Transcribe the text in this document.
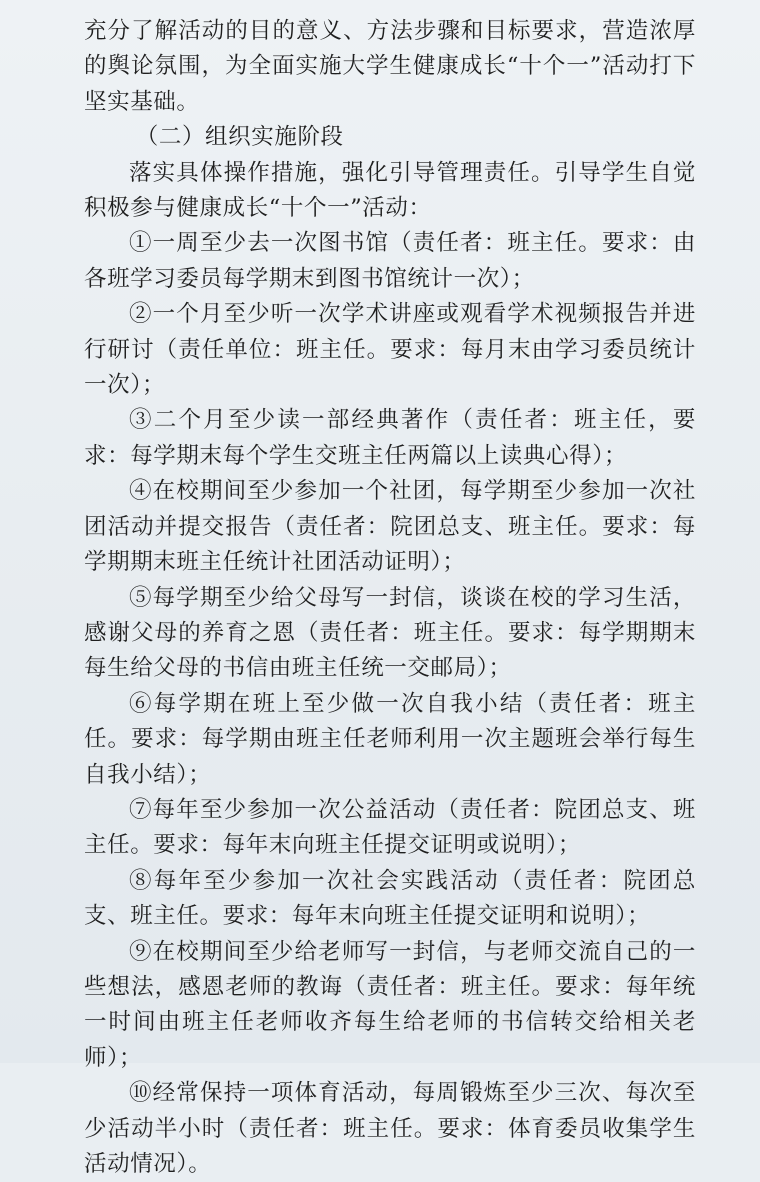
充分了解活动的目的意义、方法步骤和目标要求，营造浓厚的舆论氛围，为全面实施大学生健康成长“十个一”活动打下坚实基础。

（二）组织实施阶段

落实具体操作措施，强化引导管理责任。引导学生自觉积极参与健康成长“十个一”活动：

①一周至少去一次图书馆（责任者：班主任。要求：由各班学习委员每学期末到图书馆统计一次）；

②一个月至少听一次学术讲座或观看学术视频报告并进行研讨（责任单位：班主任。要求：每月末由学习委员统计一次）；

③二个月至少读一部经典著作（责任者：班主任，要求：每学期末每个学生交班主任两篇以上读典心得）；

④在校期间至少参加一个社团，每学期至少参加一次社团活动并提交报告（责任者：院团总支、班主任。要求：每学期期末班主任统计社团活动证明）；

⑤每学期至少给父母写一封信，谈谈在校的学习生活，感谢父母的养育之恩（责任者：班主任。要求：每学期期末每生给父母的书信由班主任统一交邮局）；

⑥每学期在班上至少做一次自我小结（责任者：班主任。要求：每学期由班主任老师利用一次主题班会举行每生自我小结）；

⑦每年至少参加一次公益活动（责任者：院团总支、班主任。要求：每年末向班主任提交证明或说明）；

⑧每年至少参加一次社会实践活动（责任者：院团总支、班主任。要求：每年末向班主任提交证明和说明）；

⑨在校期间至少给老师写一封信，与老师交流自己的一些想法，感恩老师的教诲（责任者：班主任。要求：每年统一时间由班主任老师收齐每生给老师的书信转交给相关老师）；

⑩经常保持一项体育活动，每周锻炼至少三次、每次至少活动半小时（责任者：班主任。要求：体育委员收集学生活动情况）。
